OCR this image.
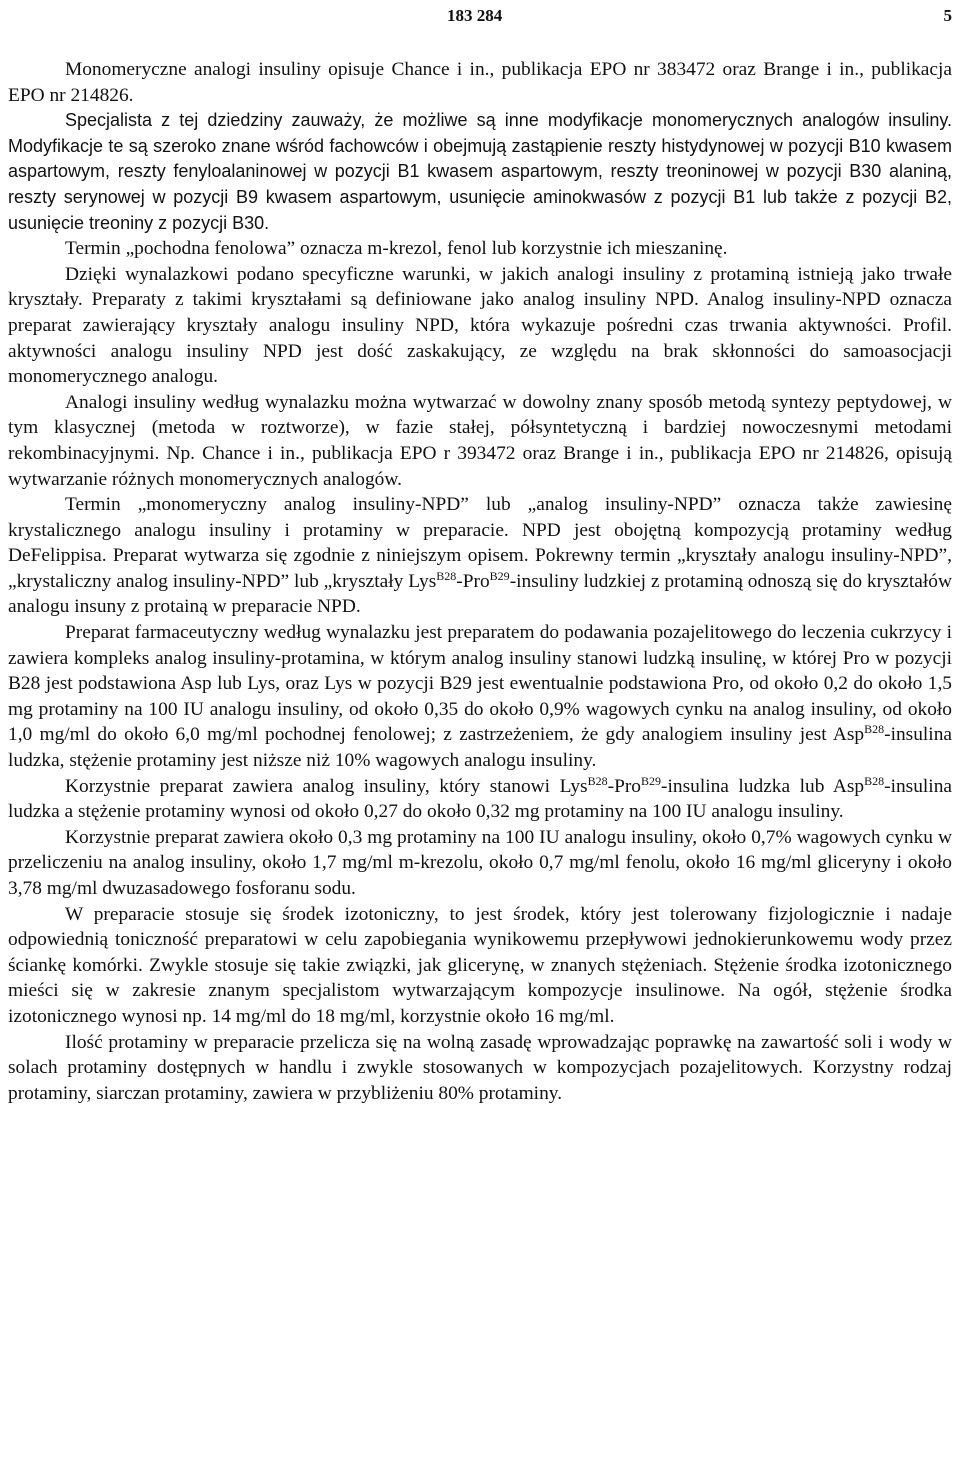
183 284	5

Monomeryczne analogi insuliny opisuje Chance i in., publikacja EPO nr 383472 oraz Brange i in., publikacja EPO nr 214826.

Specjalista z tej dziedziny zauważy, że możliwe są inne modyfikacje monomerycznych analogów insuliny. Modyfikacje te są szeroko znane wśród fachowców i obejmują zastąpienie reszty histydynowej w pozycji B10 kwasem aspartowym, reszty fenyloalaninowej w pozycji B1 kwasem aspartowym, reszty treoninowej w pozycji B30 alaniną, reszty serynowej w pozycji B9 kwasem aspartowym, usunięcie aminokwasów z pozycji B1 lub także z pozycji B2, usunięcie treoniny z pozycji B30.

Termin „pochodna fenolowa” oznacza m-krezol, fenol lub korzystnie ich mieszaninę.

Dzięki wynalazkowi podano specyficzne warunki, w jakich analogi insuliny z protaminą istnieją jako trwałe kryształy. Preparaty z takimi kryształami są definiowane jako analog insuliny NPD. Analog insuliny-NPD oznacza preparat zawierający kryształy analogu insuliny NPD, która wykazuje pośredni czas trwania aktywności. Profil. aktywności analogu insuliny NPD jest dość zaskakujący, ze względu na brak skłonności do samoasocjacji monomerycznego analogu.

Analogi insuliny według wynalazku można wytwarzać w dowolny znany sposób metodą syntezy peptydowej, w tym klasycznej (metoda w roztworze), w fazie stałej, półsyntetyczną i bardziej nowoczesnymi metodami rekombinacyjnymi. Np. Chance i in., publikacja EPO r 393472 oraz Brange i in., publikacja EPO nr 214826, opisują wytwarzanie różnych monomerycznych analogów.

Termin „monomeryczny analog insuliny-NPD” lub „analog insuliny-NPD” oznacza także zawiesinę krystalicznego analogu insuliny i protaminy w preparacie. NPD jest obojętną kompozycją protaminy według DeFelippisa. Preparat wytwarza się zgodnie z niniejszym opisem. Pokrewny termin „kryształy analogu insuliny-NPD”, „krystaliczny analog insuliny-NPD” lub „kryształy Lys$^{B28}$-Pro$^{B29}$-insuliny ludzkiej z protaminą odnoszą się do kryształów analogu insuny z protainą w preparacie NPD.

Preparat farmaceutyczny według wynalazku jest preparatem do podawania pozajelitowego do leczenia cukrzycy i zawiera kompleks analog insuliny-protamina, w którym analog insuliny stanowi ludzką insulinę, w której Pro w pozycji B28 jest podstawiona Asp lub Lys, oraz Lys w pozycji B29 jest ewentualnie podstawiona Pro, od około 0,2 do około 1,5 mg protaminy na 100 IU analogu insuliny, od około 0,35 do około 0,9% wagowych cynku na analog insuliny, od około 1,0 mg/ml do około 6,0 mg/ml pochodnej fenolowej; z zastrzeżeniem, że gdy analogiem insuliny jest Asp$^{B28}$-insulina ludzka, stężenie protaminy jest niższe niż 10% wagowych analogu insuliny.

Korzystnie preparat zawiera analog insuliny, który stanowi Lys$^{B28}$-Pro$^{B29}$-insulina ludzka lub Asp$^{B28}$-insulina ludzka a stężenie protaminy wynosi od około 0,27 do około 0,32 mg protaminy na 100 IU analogu insuliny.

Korzystnie preparat zawiera około 0,3 mg protaminy na 100 IU analogu insuliny, około 0,7% wagowych cynku w przeliczeniu na analog insuliny, około 1,7 mg/ml m-krezolu, około 0,7 mg/ml fenolu, około 16 mg/ml gliceryny i około 3,78 mg/ml dwuzasadowego fosforanu sodu.

W preparacie stosuje się środek izotoniczny, to jest środek, który jest tolerowany fizjologicznie i nadaje odpowiednią toniczność preparatowi w celu zapobiegania wynikowemu przepływowi jednokierunkowemu wody przez ściankę komórki. Zwykle stosuje się takie związki, jak glicerynę, w znanych stężeniach. Stężenie środka izotonicznego mieści się w zakresie znanym specjalistom wytwarzającym kompozycje insulinowe. Na ogół, stężenie środka izotonicznego wynosi np. 14 mg/ml do 18 mg/ml, korzystnie około 16 mg/ml.

Ilość protaminy w preparacie przelicza się na wolną zasadę wprowadzając poprawkę na zawartość soli i wody w solach protaminy dostępnych w handlu i zwykle stosowanych w kompozycjach pozajelitowych. Korzystny rodzaj protaminy, siarczan protaminy, zawiera w przybliżeniu 80% protaminy.
